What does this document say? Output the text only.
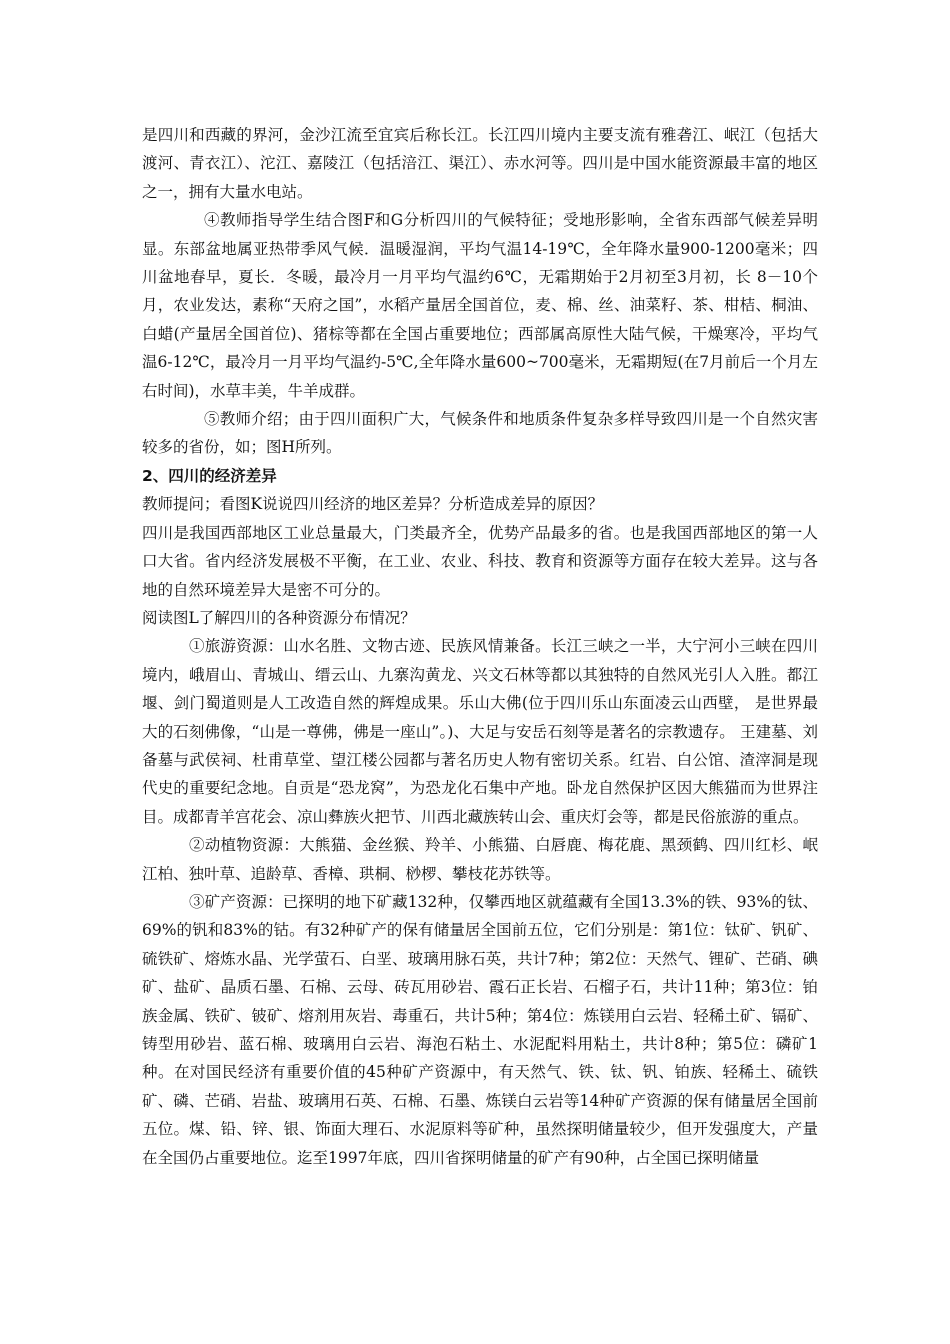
是四川和西藏的界河，金沙江流至宜宾后称长江。长江四川境内主要支流有雅砻江、岷江（包括大渡河、青衣江）、沱江、嘉陵江（包括涪江、渠江）、赤水河等。四川是中国水能资源最丰富的地区之一，拥有大量水电站。

④教师指导学生结合图F和G分析四川的气候特征；受地形影响，全省东西部气候差异明显。东部盆地属亚热带季风气候．温暖湿润，平均气温14-19℃，全年降水量900-1200毫米；四川盆地春早，夏长．冬暖，最冷月一月平均气温约6℃，无霜期始于2月初至3月初，长 8－10个月，农业发达，素称“天府之国”，水稻产量居全国首位，麦、棉、丝、油菜籽、茶、柑桔、桐油、白蜡(产量居全国首位)、猪棕等都在全国占重要地位；西部属高原性大陆气候，干燥寒冷，平均气温6-12℃，最冷月一月平均气温约-5℃,全年降水量600~700毫米，无霜期短(在7月前后一个月左右时间)，水草丰美，牛羊成群。

⑤教师介绍；由于四川面积广大，气候条件和地质条件复杂多样导致四川是一个自然灾害较多的省份，如；图H所列。

2、四川的经济差异

教师提问；看图K说说四川经济的地区差异？分析造成差异的原因？

四川是我国西部地区工业总量最大，门类最齐全，优势产品最多的省。也是我国西部地区的第一人口大省。省内经济发展极不平衡，在工业、农业、科技、教育和资源等方面存在较大差异。这与各地的自然环境差异大是密不可分的。

阅读图L了解四川的各种资源分布情况？

①旅游资源：山水名胜、文物古迹、民族风情兼备。长江三峡之一半，大宁河小三峡在四川境内，峨眉山、青城山、缙云山、九寨沟黄龙、兴文石林等都以其独特的自然风光引人入胜。都江堰、剑门蜀道则是人工改造自然的辉煌成果。乐山大佛(位于四川乐山东面凌云山西壁， 是世界最大的石刻佛像，“山是一尊佛，佛是一座山”。)、大足与安岳石刻等是著名的宗教遗存。 王建墓、刘备墓与武侯祠、杜甫草堂、望江楼公园都与著名历史人物有密切关系。红岩、白公馆、渣滓洞是现代史的重要纪念地。自贡是“恐龙窝”，为恐龙化石集中产地。卧龙自然保护区因大熊猫而为世界注目。成都青羊宫花会、凉山彝族火把节、川西北藏族转山会、重庆灯会等，都是民俗旅游的重点。

②动植物资源：大熊猫、金丝猴、羚羊、小熊猫、白唇鹿、梅花鹿、黑颈鹤、四川红杉、岷江柏、独叶草、追龄草、香樟、珙桐、桫椤、攀枝花苏铁等。

③矿产资源：已探明的地下矿藏132种，仅攀西地区就蕴藏有全国13.3%的铁、93%的钛、69%的钒和83%的钴。有32种矿产的保有储量居全国前五位，它们分别是：第1位：钛矿、钒矿、硫铁矿、熔炼水晶、光学萤石、白垩、玻璃用脉石英，共计7种；第2位：天然气、锂矿、芒硝、碘矿、盐矿、晶质石墨、石棉、云母、砖瓦用砂岩、霞石正长岩、石榴子石，共计11种；第3位：铂族金属、铁矿、铍矿、熔剂用灰岩、毒重石，共计5种；第4位：炼镁用白云岩、轻稀土矿、镉矿、铸型用砂岩、蓝石棉、玻璃用白云岩、海泡石粘土、水泥配料用粘土，共计8种；第5位：磷矿1种。在对国民经济有重要价值的45种矿产资源中，有天然气、铁、钛、钒、铂族、轻稀土、硫铁矿、磷、芒硝、岩盐、玻璃用石英、石棉、石墨、炼镁白云岩等14种矿产资源的保有储量居全国前五位。煤、铅、锌、银、饰面大理石、水泥原料等矿种，虽然探明储量较少，但开发强度大，产量在全国仍占重要地位。迄至1997年底，四川省探明储量的矿产有90种，占全国已探明储量
